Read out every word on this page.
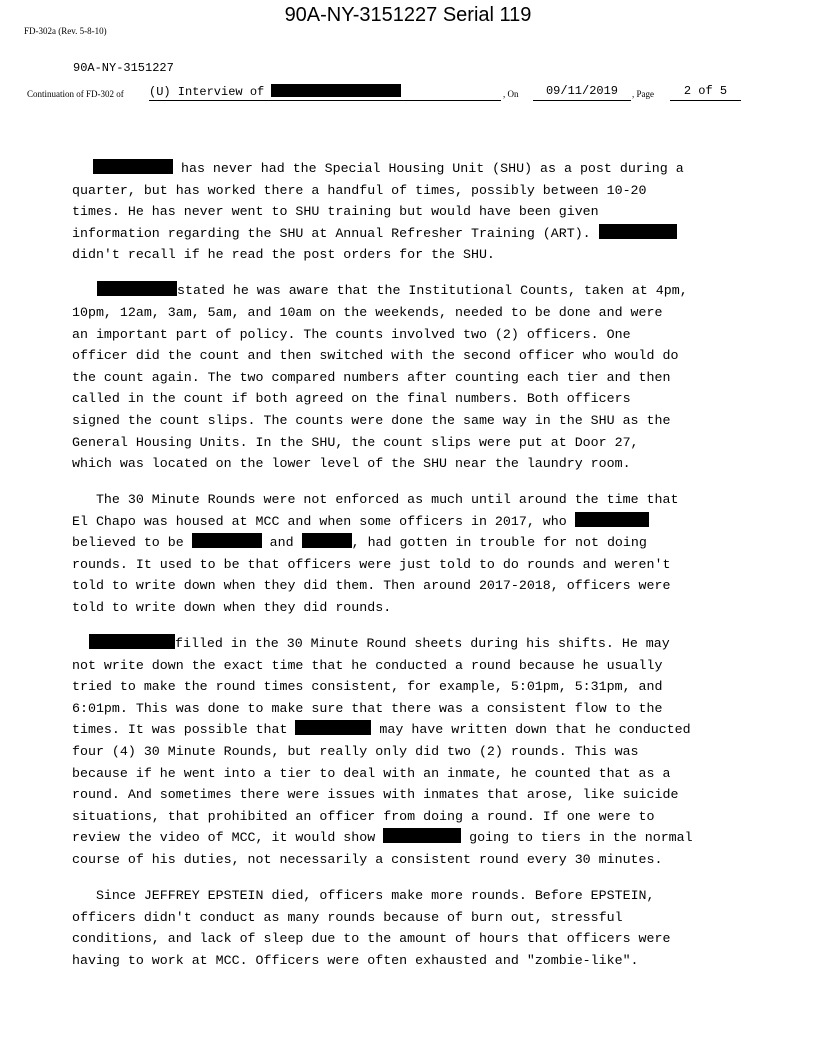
90A-NY-3151227 Serial 119
FD-302a (Rev. 5-8-10)
90A-NY-3151227
Continuation of FD-302 of (U) Interview of	, On	09/11/2019	, Page	2 of 5

has never had the Special Housing Unit (SHU) as a post during a
quarter, but has worked there a handful of times, possibly between 10-20
times. He has never went to SHU training but would have been given
information regarding the SHU at Annual Refresher Training (ART).
didn't recall if he read the post orders for the SHU.

stated he was aware that the Institutional Counts, taken at 4pm,
10pm, 12am, 3am, 5am, and 10am on the weekends, needed to be done and were
an important part of policy. The counts involved two (2) officers. One
officer did the count and then switched with the second officer who would do
the count again. The two compared numbers after counting each tier and then
called in the count if both agreed on the final numbers. Both officers
signed the count slips. The counts were done the same way in the SHU as the
General Housing Units. In the SHU, the count slips were put at Door 27,
which was located on the lower level of the SHU near the laundry room.

The 30 Minute Rounds were not enforced as much until around the time that
El Chapo was housed at MCC and when some officers in 2017, who
believed to be	and	, had gotten in trouble for not doing
rounds. It used to be that officers were just told to do rounds and weren't
told to write down when they did them. Then around 2017-2018, officers were
told to write down when they did rounds.

filled in the 30 Minute Round sheets during his shifts. He may
not write down the exact time that he conducted a round because he usually
tried to make the round times consistent, for example, 5:01pm, 5:31pm, and
6:01pm. This was done to make sure that there was a consistent flow to the
times. It was possible that	may have written down that he conducted
four (4) 30 Minute Rounds, but really only did two (2) rounds. This was
because if he went into a tier to deal with an inmate, he counted that as a
round. And sometimes there were issues with inmates that arose, like suicide
situations, that prohibited an officer from doing a round. If one were to
review the video of MCC, it would show	going to tiers in the normal
course of his duties, not necessarily a consistent round every 30 minutes.

Since JEFFREY EPSTEIN died, officers make more rounds. Before EPSTEIN,
officers didn't conduct as many rounds because of burn out, stressful
conditions, and lack of sleep due to the amount of hours that officers were
having to work at MCC. Officers were often exhausted and "zombie-like".
